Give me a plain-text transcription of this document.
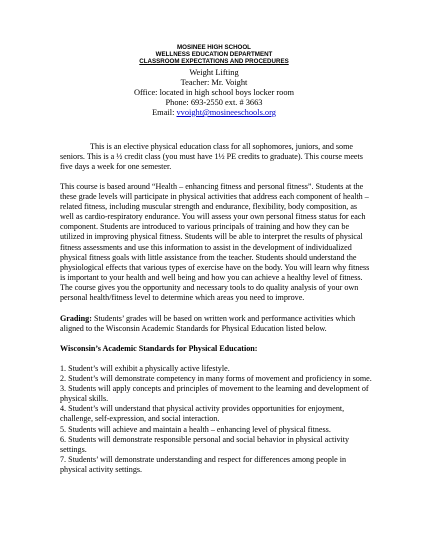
MOSINEE HIGH SCHOOL
WELLNESS EDUCATION DEPARTMENT
CLASSROOM EXPECTATIONS AND PROCEDURES
Weight Lifting
Teacher: Mr. Voight
Office: located in high school boys locker room
Phone: 693-2550 ext. # 3663
Email: vvoight@mosineeschools.org
This is an elective physical education class for all sophomores, juniors, and some seniors. This is a ½ credit class (you must have 1½ PE credits to graduate). This course meets five days a week for one semester.
This course is based around “Health – enhancing fitness and personal fitness”. Students at the these grade levels will participate in physical activities that address each component of health – related fitness, including muscular strength and endurance, flexibility, body composition, as well as cardio-respiratory endurance. You will assess your own personal fitness status for each component. Students are introduced to various principals of training and how they can be utilized in improving physical fitness. Students will be able to interpret the results of physical fitness assessments and use this information to assist in the development of individualized physical fitness goals with little assistance from the teacher. Students should understand the physiological effects that various types of exercise have on the body. You will learn why fitness is important to your health and well being and how you can achieve a healthy level of fitness. The course gives you the opportunity and necessary tools to do quality analysis of your own personal health/fitness level to determine which areas you need to improve.
Grading: Students’ grades will be based on written work and performance activities which aligned to the Wisconsin Academic Standards for Physical Education listed below.
Wisconsin’s Academic Standards for Physical Education:

1. Student’s will exhibit a physically active lifestyle.

2. Student’s will demonstrate competency in many forms of movement and proficiency in some.

3. Students will apply concepts and principles of movement to the learning and development of physical skills.

4. Student’s will understand that physical activity provides opportunities for enjoyment, challenge, self-expression, and social interaction.

5. Students will achieve and maintain a health – enhancing level of physical fitness.

6. Students will demonstrate responsible personal and social behavior in physical activity settings.

7. Students’ will demonstrate understanding and respect for differences among people in physical activity settings.
